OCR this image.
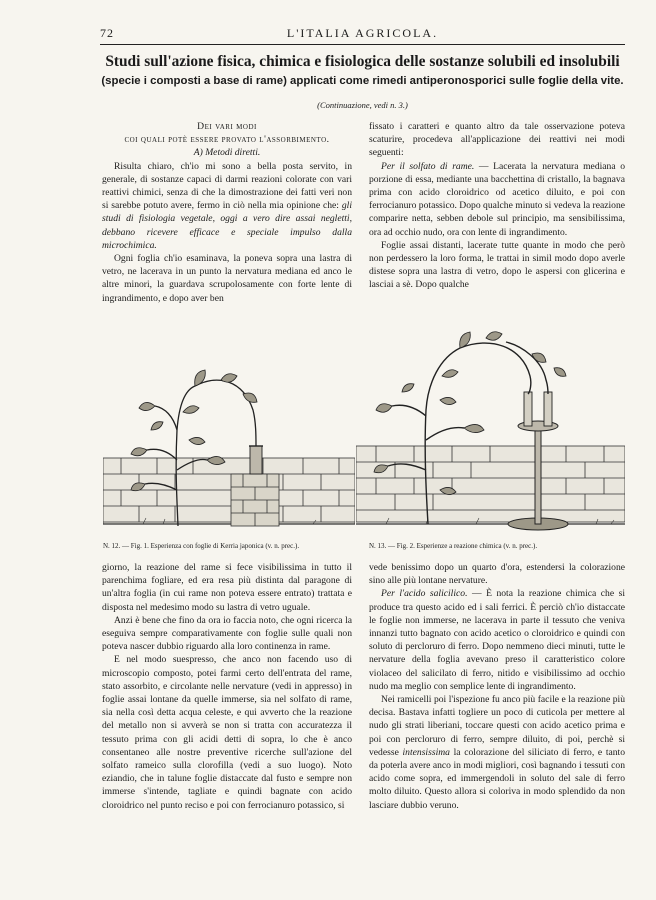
72	L'ITALIA AGRICOLA.
Studi sull'azione fisica, chimica e fisiologica delle sostanze solubili ed insolubili
(specie i composti a base di rame) applicati come rimedi antiperonosporici sulle foglie della vite.
(Continuazione, vedi n. 3.)

Dei vari modi

coi quali potè essere provato l'assorbimento.

A) Metodi diretti.

Risulta chiaro, ch'io mi sono a bella posta servito, in generale, di sostanze capaci di darmi reazioni colorate con vari reattivi chimici, senza di che la dimostrazione dei fatti veri non si sarebbe potuto avere, fermo in ciò nella mia opinione che: gli studi di fisiologia vegetale, oggi a vero dire assai negletti, debbano ricevere efficace e speciale impulso dalla microchimica.

Ogni foglia ch'io esaminava, la poneva sopra una lastra di vetro, ne lacerava in un punto la nervatura mediana ed anco le altre minori, la guardava scrupolosamente con forte lente di ingrandimento, e dopo aver ben

fissato i caratteri e quanto altro da tale osservazione poteva scaturire, procedeva all'applicazione dei reattivi nei modi seguenti:

Per il solfato di rame. — Lacerata la nervatura mediana o porzione di essa, mediante una bacchettina di cristallo, la bagnava prima con acido cloroidrico od acetico diluito, e poi con ferrocianuro potassico. Dopo qualche minuto si vedeva la reazione comparire netta, sebben debole sul principio, ma sensibilissima, ora ad occhio nudo, ora con lente di ingrandimento.

Foglie assai distanti, lacerate tutte quante in modo che però non perdessero la loro forma, le trattai in simil modo dopo averle distese sopra una lastra di vetro, dopo le aspersi con glicerina e lasciai a sè. Dopo qualche

N. 12. — Fig. 1. Esperienza con foglie di Kerria japonica (v. n. prec.).	N. 13. — Fig. 2. Esperienze a reazione chimica (v. n. prec.).

giorno, la reazione del rame si fece visibilissima in tutto il parenchima fogliare, ed era resa più distinta dal paragone di un'altra foglia (in cui rame non poteva essere entrato) trattata e disposta nel medesimo modo su lastra di vetro uguale.

Anzi è bene che fino da ora io faccia noto, che ogni ricerca la eseguiva sempre comparativamente con foglie sulle quali non poteva nascer dubbio riguardo alla loro continenza in rame.

E nel modo suespresso, che anco non facendo uso di microscopio composto, potei farmi certo dell'entrata del rame, stato assorbito, e circolante nelle nervature (vedi in appresso) in foglie assai lontane da quelle immerse, sia nel solfato di rame, sia nella così detta acqua celeste, e qui avverto che la reazione del metallo non si avverà se non si tratta con accuratezza il tessuto prima con gli acidi detti di sopra, lo che è anco consentaneo alle nostre preventive ricerche sull'azione del solfato rameico sulla clorofilla (vedi a suo luogo). Noto eziandio, che in talune foglie distaccate dal fusto e sempre non immerse s'intende, tagliate e quindi bagnate con acido cloroidrico nel punto reciso e poi con ferrocianuro potassico, si

vede benissimo dopo un quarto d'ora, estendersi la colorazione sino alle più lontane nervature.

Per l'acido salicilico. — È nota la reazione chimica che si produce tra questo acido ed i sali ferrici. È perciò ch'io distaccate le foglie non immerse, ne lacerava in parte il tessuto che veniva innanzi tutto bagnato con acido acetico o cloroidrico e quindi con soluto di percloruro di ferro. Dopo nemmeno dieci minuti, tutte le nervature della foglia avevano preso il caratteristico colore violaceo del salicilato di ferro, nitido e visibilissimo ad occhio nudo ma meglio con semplice lente di ingrandimento.

Nei ramicelli poi l'ispezione fu anco più facile e la reazione più decisa. Bastava infatti togliere un poco di cuticola per mettere al nudo gli strati liberiani, toccare questi con acido acetico prima e poi con percloruro di ferro, sempre diluito, di poi, perchè si vedesse intensissima la colorazione del siliciato di ferro, e tanto da poterla avere anco in modi migliori, così bagnando i tessuti con acido come sopra, ed immergendoli in soluto del sale di ferro molto diluito. Questo allora si coloriva in modo splendido da non lasciare dubbio veruno.
